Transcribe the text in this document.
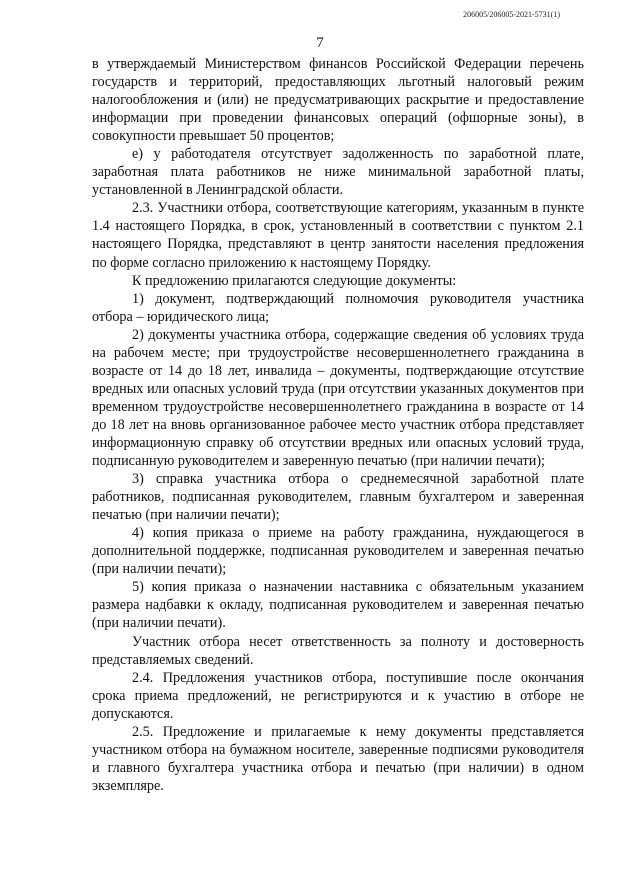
206005/206005-2021-5731(1)
7

в утверждаемый Министерством финансов Российской Федерации перечень государств и территорий, предоставляющих льготный налоговый режим налогообложения и (или) не предусматривающих раскрытие и предоставление информации при проведении финансовых операций (офшорные зоны), в совокупности превышает 50 процентов;

е) у работодателя отсутствует задолженность по заработной плате, заработная плата работников не ниже минимальной заработной платы, установленной в Ленинградской области.

2.3. Участники отбора, соответствующие категориям, указанным в пункте 1.4 настоящего Порядка, в срок, установленный в соответствии с пунктом 2.1 настоящего Порядка, представляют в центр занятости населения предложения по форме согласно приложению к настоящему Порядку.

К предложению прилагаются следующие документы:

1) документ, подтверждающий полномочия руководителя участника отбора – юридического лица;

2) документы участника отбора, содержащие сведения об условиях труда на рабочем месте; при трудоустройстве несовершеннолетнего гражданина в возрасте от 14 до 18 лет, инвалида – документы, подтверждающие отсутствие вредных или опасных условий труда (при отсутствии указанных документов при временном трудоустройстве несовершеннолетнего гражданина в возрасте от 14 до 18 лет на вновь организованное рабочее место участник отбора представляет информационную справку об отсутствии вредных или опасных условий труда, подписанную руководителем и заверенную печатью (при наличии печати);

3) справка участника отбора о среднемесячной заработной плате работников, подписанная руководителем, главным бухгалтером и заверенная печатью (при наличии печати);

4) копия приказа о приеме на работу гражданина, нуждающегося в дополнительной поддержке, подписанная руководителем и заверенная печатью (при наличии печати);

5) копия приказа о назначении наставника с обязательным указанием размера надбавки к окладу, подписанная руководителем и заверенная печатью (при наличии печати).

Участник отбора несет ответственность за полноту и достоверность представляемых сведений.

2.4. Предложения участников отбора, поступившие после окончания срока приема предложений, не регистрируются и к участию в отборе не допускаются.

2.5. Предложение и прилагаемые к нему документы представляется участником отбора на бумажном носителе, заверенные подписями руководителя и главного бухгалтера участника отбора и печатью (при наличии) в одном экземпляре.
